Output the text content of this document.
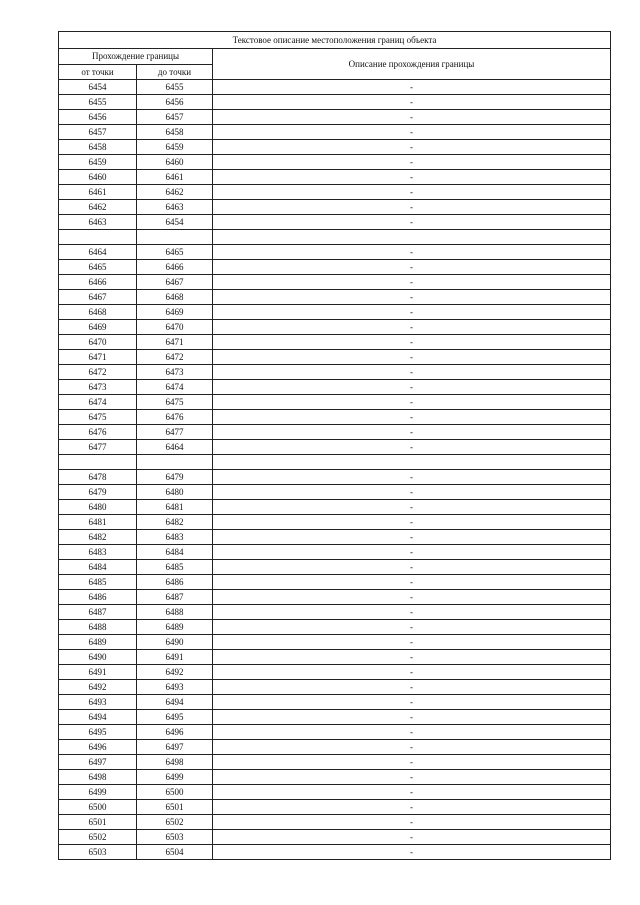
Текстовое описание местоположения границ объекта		
Прохождение границы		Описание прохождения границы
от точки	до точки	
6454	6455	-
6455	6456	-
6456	6457	-
6457	6458	-
6458	6459	-
6459	6460	-
6460	6461	-
6461	6462	-
6462	6463	-
6463	6454	-

6464	6465	-
6465	6466	-
6466	6467	-
6467	6468	-
6468	6469	-
6469	6470	-
6470	6471	-
6471	6472	-
6472	6473	-
6473	6474	-
6474	6475	-
6475	6476	-
6476	6477	-
6477	6464	-

6478	6479	-
6479	6480	-
6480	6481	-
6481	6482	-
6482	6483	-
6483	6484	-
6484	6485	-
6485	6486	-
6486	6487	-
6487	6488	-
6488	6489	-
6489	6490	-
6490	6491	-
6491	6492	-
6492	6493	-
6493	6494	-
6494	6495	-
6495	6496	-
6496	6497	-
6497	6498	-
6498	6499	-
6499	6500	-
6500	6501	-
6501	6502	-
6502	6503	-
6503	6504	-
